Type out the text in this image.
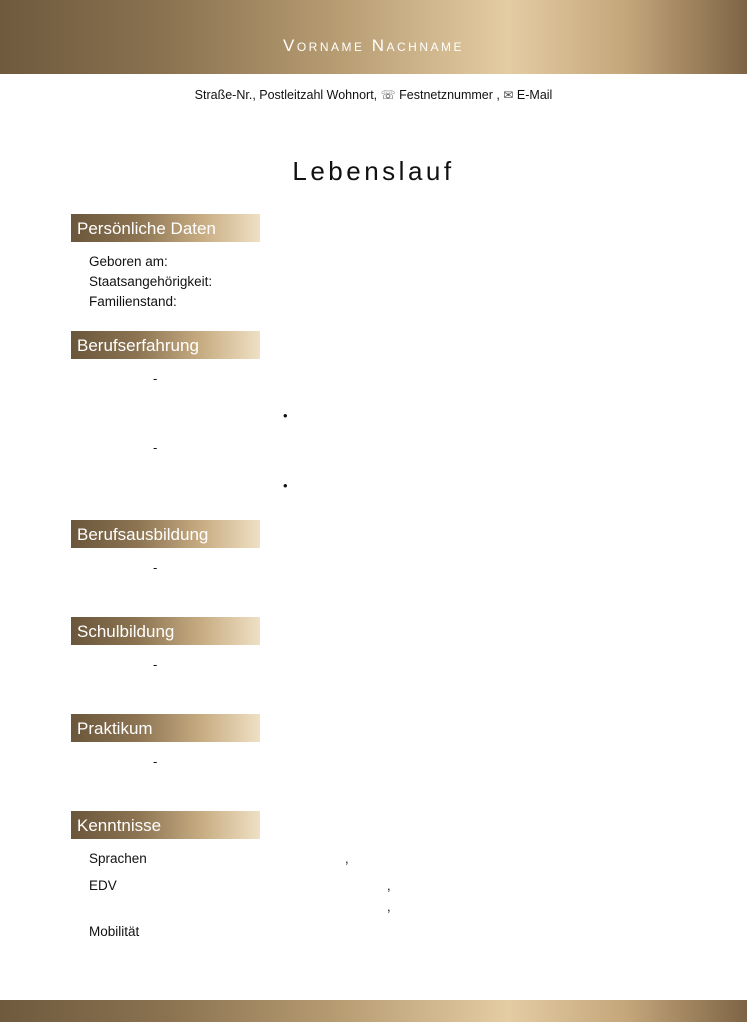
Vorname Nachname
Straße-Nr., Postleitzahl Wohnort, ☏ Festnetznummer , ✉ E-Mail
Lebenslauf
Persönliche Daten
Geboren am:
Staatsangehörigkeit:
Familienstand:
Berufserfahrung
-
•
-
•
Berufsausbildung
-
Schulbildung
-
Praktikum
-
Kenntnisse
Sprachen	,
EDV	,
,
Mobilität
